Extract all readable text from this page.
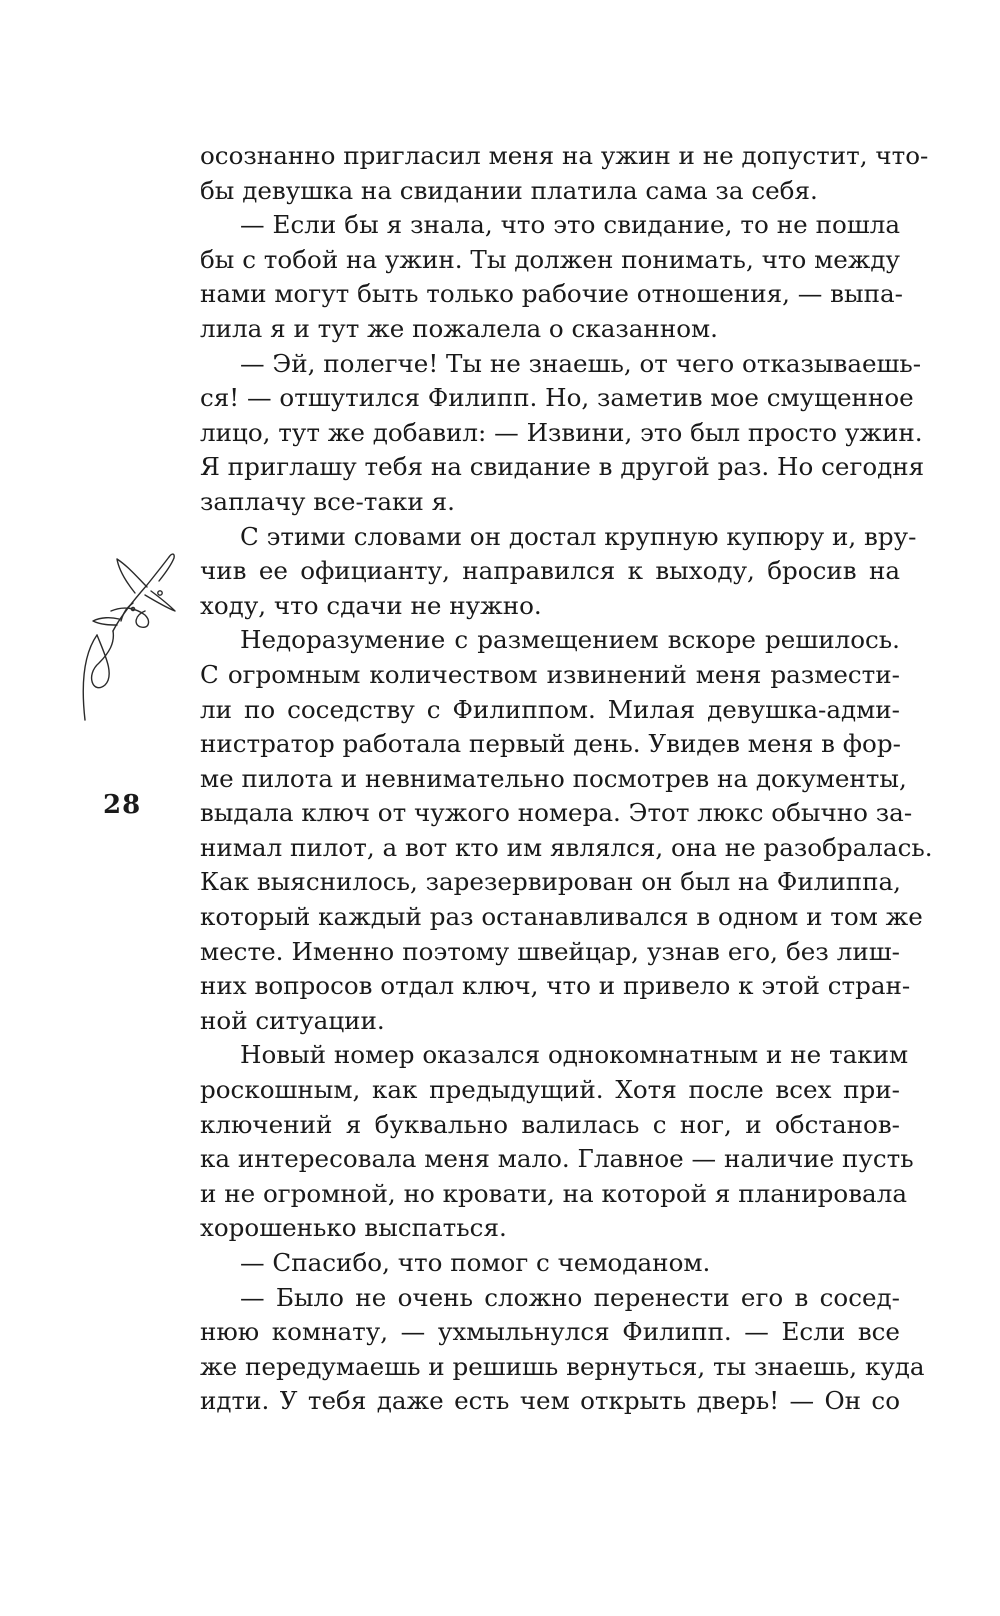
осознанно пригласил меня на ужин и не допустит, что-
бы девушка на свидании платила сама за себя.
— Если бы я знала, что это свидание, то не пошла
бы с тобой на ужин. Ты должен понимать, что между
нами могут быть только рабочие отношения, — выпа-
лила я и тут же пожалела о сказанном.
— Эй, полегче! Ты не знаешь, от чего отказываешь-
ся! — отшутился Филипп. Но, заметив мое смущенное
лицо, тут же добавил: — Извини, это был просто ужин.
Я приглашу тебя на свидание в другой раз. Но сегодня
заплачу все-таки я.
С этими словами он достал крупную купюру и, вру-
чив ее официанту, направился к выходу, бросив на
ходу, что сдачи не нужно.
Недоразумение с размещением вскоре решилось.
С огромным количеством извинений меня размести-
ли по соседству с Филиппом. Милая девушка-адми-
нистратор работала первый день. Увидев меня в фор-
ме пилота и невнимательно посмотрев на документы,
выдала ключ от чужого номера. Этот люкс обычно за-
нимал пилот, а вот кто им являлся, она не разобралась.
Как выяснилось, зарезервирован он был на Филиппа,
который каждый раз останавливался в одном и том же
месте. Именно поэтому швейцар, узнав его, без лиш-
них вопросов отдал ключ, что и привело к этой стран-
ной ситуации.
Новый номер оказался однокомнатным и не таким
роскошным, как предыдущий. Хотя после всех при-
ключений я буквально валилась с ног, и обстанов-
ка интересовала меня мало. Главное — наличие пусть
и не огромной, но кровати, на которой я планировала
хорошенько выспаться.
— Спасибо, что помог с чемоданом.
— Было не очень сложно перенести его в сосед-
нюю комнату, — ухмыльнулся Филипп. — Если все
же передумаешь и решишь вернуться, ты знаешь, куда
идти. У тебя даже есть чем открыть дверь! — Он со
28
